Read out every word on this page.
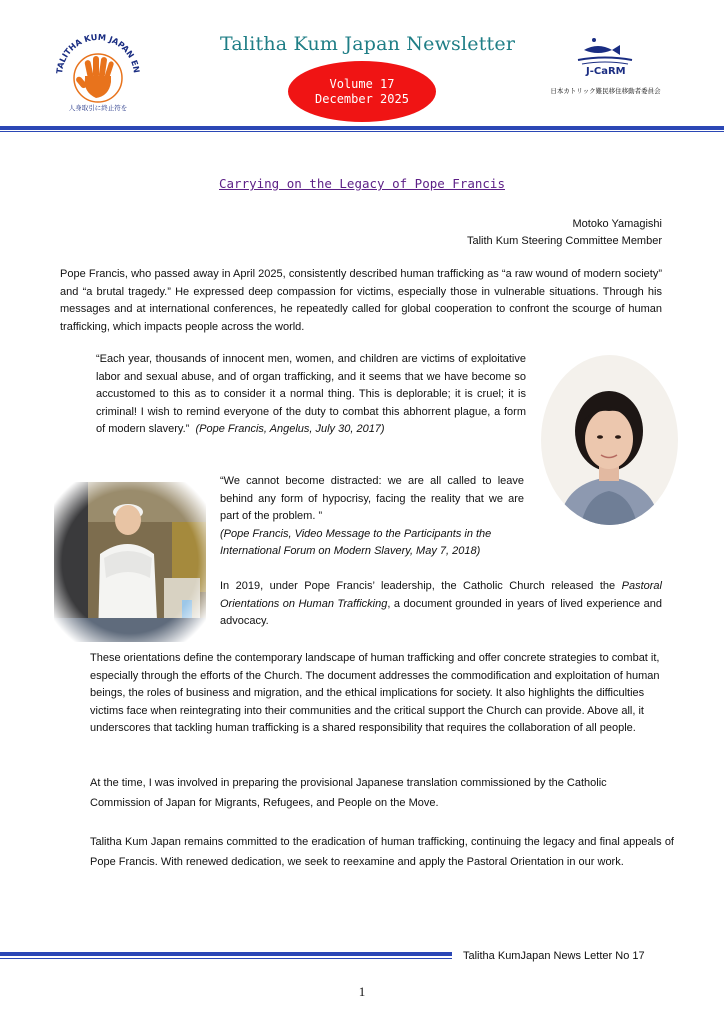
TALITHA KUM JAPAN EN
人身取引に終止符を
Talitha Kum Japan Newsletter
Volume 17
December 2025
J-CaRM
日本カトリック難民移住移動者委員会
Carrying on the Legacy of Pope Francis
Motoko Yamagishi
Talith Kum Steering Committee Member

Pope Francis, who passed away in April 2025, consistently described human trafficking as “a raw wound of modern society” and “a brutal tragedy.” He expressed deep compassion for victims, especially those in vulnerable situations. Through his messages and at international conferences, he repeatedly called for global cooperation to confront the scourge of human trafficking, which impacts people across the world.

“Each year, thousands of innocent men, women, and children are victims of exploitative labor and sexual abuse, and of organ trafficking, and it seems that we have become so accustomed to this as to consider it a normal thing. This is deplorable; it is cruel; it is criminal! I wish to remind everyone of the duty to combat this abhorrent plague, a form of modern slavery.” (Pope Francis, Angelus, July 30, 2017)

“We cannot become distracted: we are all called to leave behind any form of hypocrisy, facing the reality that we are part of the problem. ”
(Pope Francis, Video Message to the Participants in the International Forum on Modern Slavery, May 7, 2018)

In 2019, under Pope Francis’ leadership, the Catholic Church released the Pastoral Orientations on Human Trafficking, a document grounded in years of lived experience and advocacy.

These orientations define the contemporary landscape of human trafficking and offer concrete strategies to combat it, especially through the efforts of the Church. The document addresses the commodification and exploitation of human beings, the roles of business and migration, and the ethical implications for society. It also highlights the difficulties victims face when reintegrating into their communities and the critical support the Church can provide. Above all, it underscores that tackling human trafficking is a shared responsibility that requires the collaboration of all people.

At the time, I was involved in preparing the provisional Japanese translation commissioned by the Catholic Commission of Japan for Migrants, Refugees, and People on the Move.

Talitha Kum Japan remains committed to the eradication of human trafficking, continuing the legacy and final appeals of Pope Francis. With renewed dedication, we seek to reexamine and apply the Pastoral Orientation in our work.

Talitha KumJapan News Letter No 17
1
